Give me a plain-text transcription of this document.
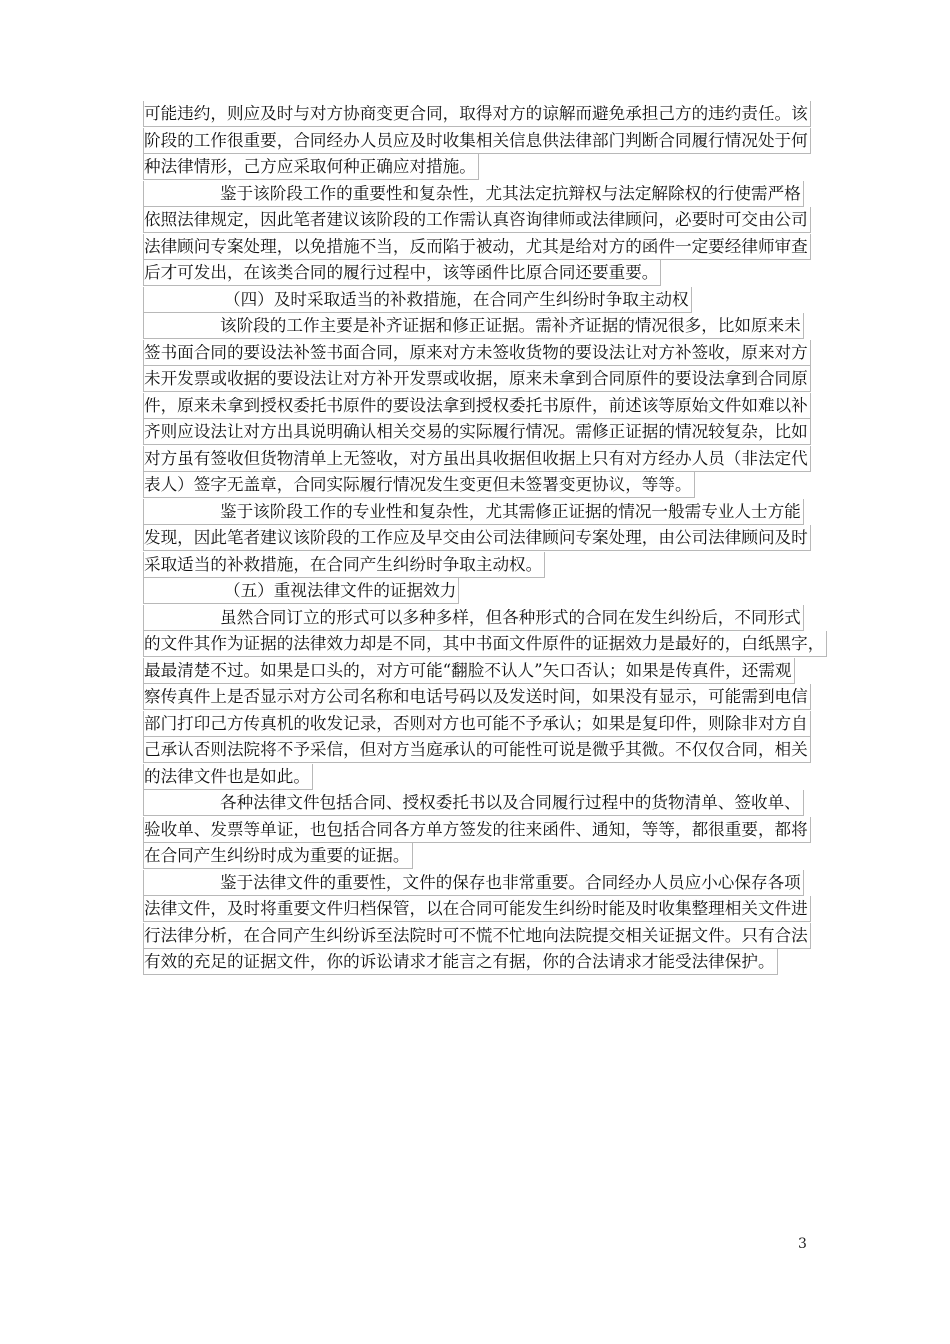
可能违约，则应及时与对方协商变更合同，取得对方的谅解而避免承担己方的违约责任。该
阶段的工作很重要，合同经办人员应及时收集相关信息供法律部门判断合同履行情况处于何
种法律情形，己方应采取何种正确应对措施。
鉴于该阶段工作的重要性和复杂性，尤其法定抗辩权与法定解除权的行使需严格
依照法律规定，因此笔者建议该阶段的工作需认真咨询律师或法律顾问，必要时可交由公司
法律顾问专案处理，以免措施不当，反而陷于被动，尤其是给对方的函件一定要经律师审查
后才可发出，在该类合同的履行过程中，该等函件比原合同还要重要。
（四）及时采取适当的补救措施，在合同产生纠纷时争取主动权
该阶段的工作主要是补齐证据和修正证据。需补齐证据的情况很多，比如原来未
签书面合同的要设法补签书面合同，原来对方未签收货物的要设法让对方补签收，原来对方
未开发票或收据的要设法让对方补开发票或收据，原来未拿到合同原件的要设法拿到合同原
件，原来未拿到授权委托书原件的要设法拿到授权委托书原件，前述该等原始文件如难以补
齐则应设法让对方出具说明确认相关交易的实际履行情况。需修正证据的情况较复杂，比如
对方虽有签收但货物清单上无签收，对方虽出具收据但收据上只有对方经办人员（非法定代
表人）签字无盖章，合同实际履行情况发生变更但未签署变更协议，等等。
鉴于该阶段工作的专业性和复杂性，尤其需修正证据的情况一般需专业人士方能
发现，因此笔者建议该阶段的工作应及早交由公司法律顾问专案处理，由公司法律顾问及时
采取适当的补救措施，在合同产生纠纷时争取主动权。
（五）重视法律文件的证据效力
虽然合同订立的形式可以多种多样，但各种形式的合同在发生纠纷后，不同形式
的文件其作为证据的法律效力却是不同，其中书面文件原件的证据效力是最好的，白纸黑字，
最最清楚不过。如果是口头的，对方可能“翻脸不认人”矢口否认；如果是传真件，还需观
察传真件上是否显示对方公司名称和电话号码以及发送时间，如果没有显示，可能需到电信
部门打印己方传真机的收发记录，否则对方也可能不予承认；如果是复印件，则除非对方自
己承认否则法院将不予采信，但对方当庭承认的可能性可说是微乎其微。不仅仅合同，相关
的法律文件也是如此。
各种法律文件包括合同、授权委托书以及合同履行过程中的货物清单、签收单、
验收单、发票等单证，也包括合同各方单方签发的往来函件、通知，等等，都很重要，都将
在合同产生纠纷时成为重要的证据。
鉴于法律文件的重要性，文件的保存也非常重要。合同经办人员应小心保存各项
法律文件，及时将重要文件归档保管，以在合同可能发生纠纷时能及时收集整理相关文件进
行法律分析，在合同产生纠纷诉至法院时可不慌不忙地向法院提交相关证据文件。只有合法
有效的充足的证据文件，你的诉讼请求才能言之有据，你的合法请求才能受法律保护。
3
